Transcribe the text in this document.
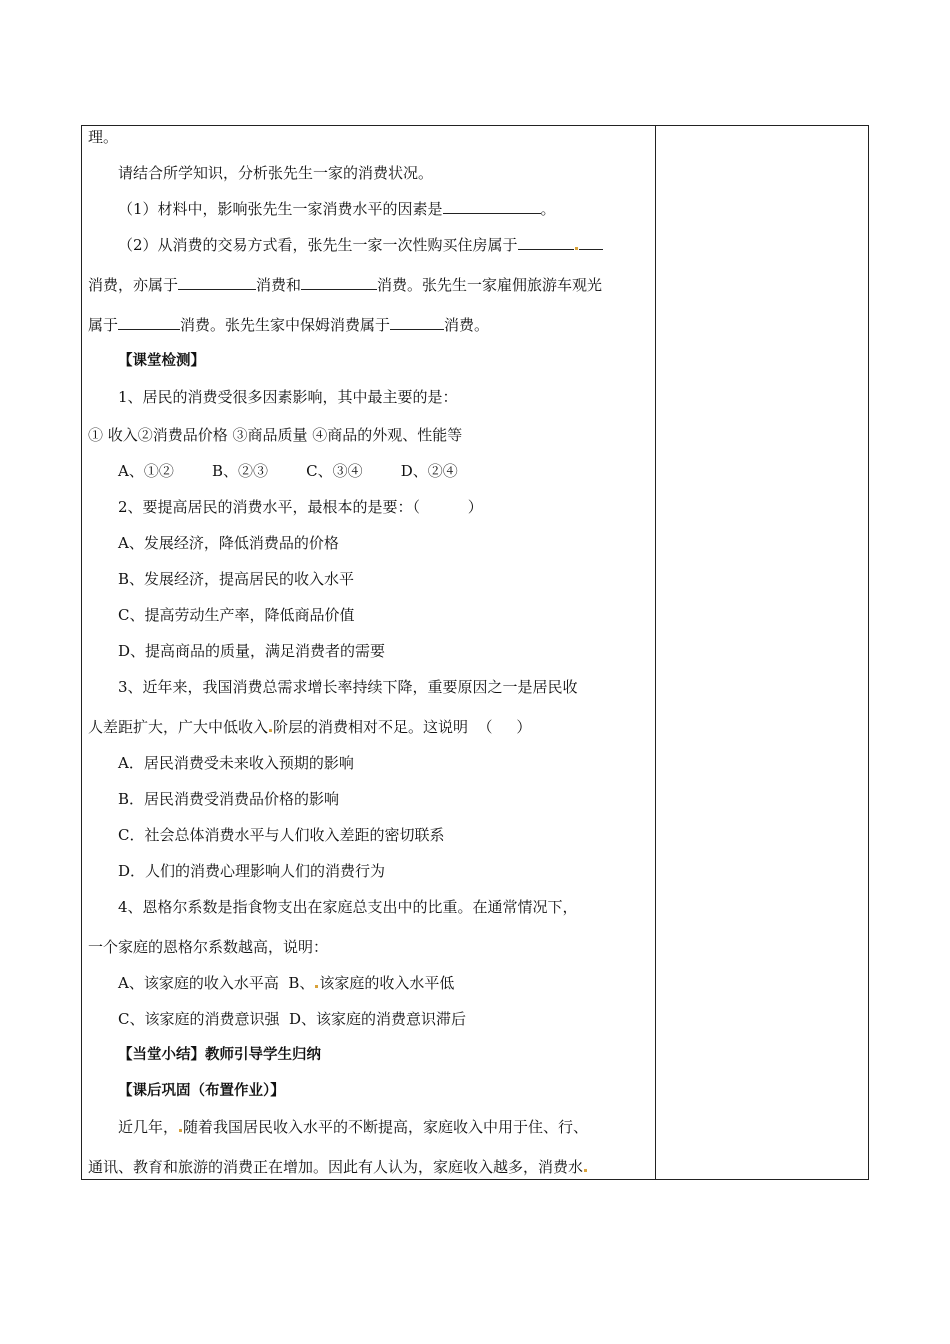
理。
请结合所学知识，分析张先生一家的消费状况。
（1）材料中，影响张先生一家消费水平的因素是	。
（2）从消费的交易方式看，张先生一家一次性购买住房属于
消费，亦属于	消费和	消费。张先生一家雇佣旅游车观光
属于	消费。张先生家中保姆消费属于	消费。
【课堂检测】
1、居民的消费受很多因素影响，其中最主要的是：
① 收入②消费品价格 ③商品质量 ④商品的外观、性能等
A、①②        B、②③        C、③④        D、②④
2、要提高居民的消费水平，最根本的是要：（          ）
A、发展经济，降低消费品的价格
B、发展经济，提高居民的收入水平
C、提高劳动生产率，降低商品价值
D、提高商品的质量，满足消费者的需要
3、近年来，我国消费总需求增长率持续下降，重要原因之一是居民收
人差距扩大，广大中低收入 阶层的消费相对不足。这说明  （     ）
A．居民消费受未来收入预期的影响
B．居民消费受消费品价格的影响
C．社会总体消费水平与人们收入差距的密切联系
D．人们的消费心理影响人们的消费行为
4、恩格尔系数是指食物支出在家庭总支出中的比重。在通常情况下，
一个家庭的恩格尔系数越高，说明：
A、该家庭的收入水平高  B、 该家庭的收入水平低
C、该家庭的消费意识强  D、该家庭的消费意识滞后
【当堂小结】教师引导学生归纳
【课后巩固（布置作业）】
近几年， 随着我国居民收入水平的不断提高，家庭收入中用于住、行、
通讯、教育和旅游的消费正在增加。因此有人认为，家庭收入越多，消费水
